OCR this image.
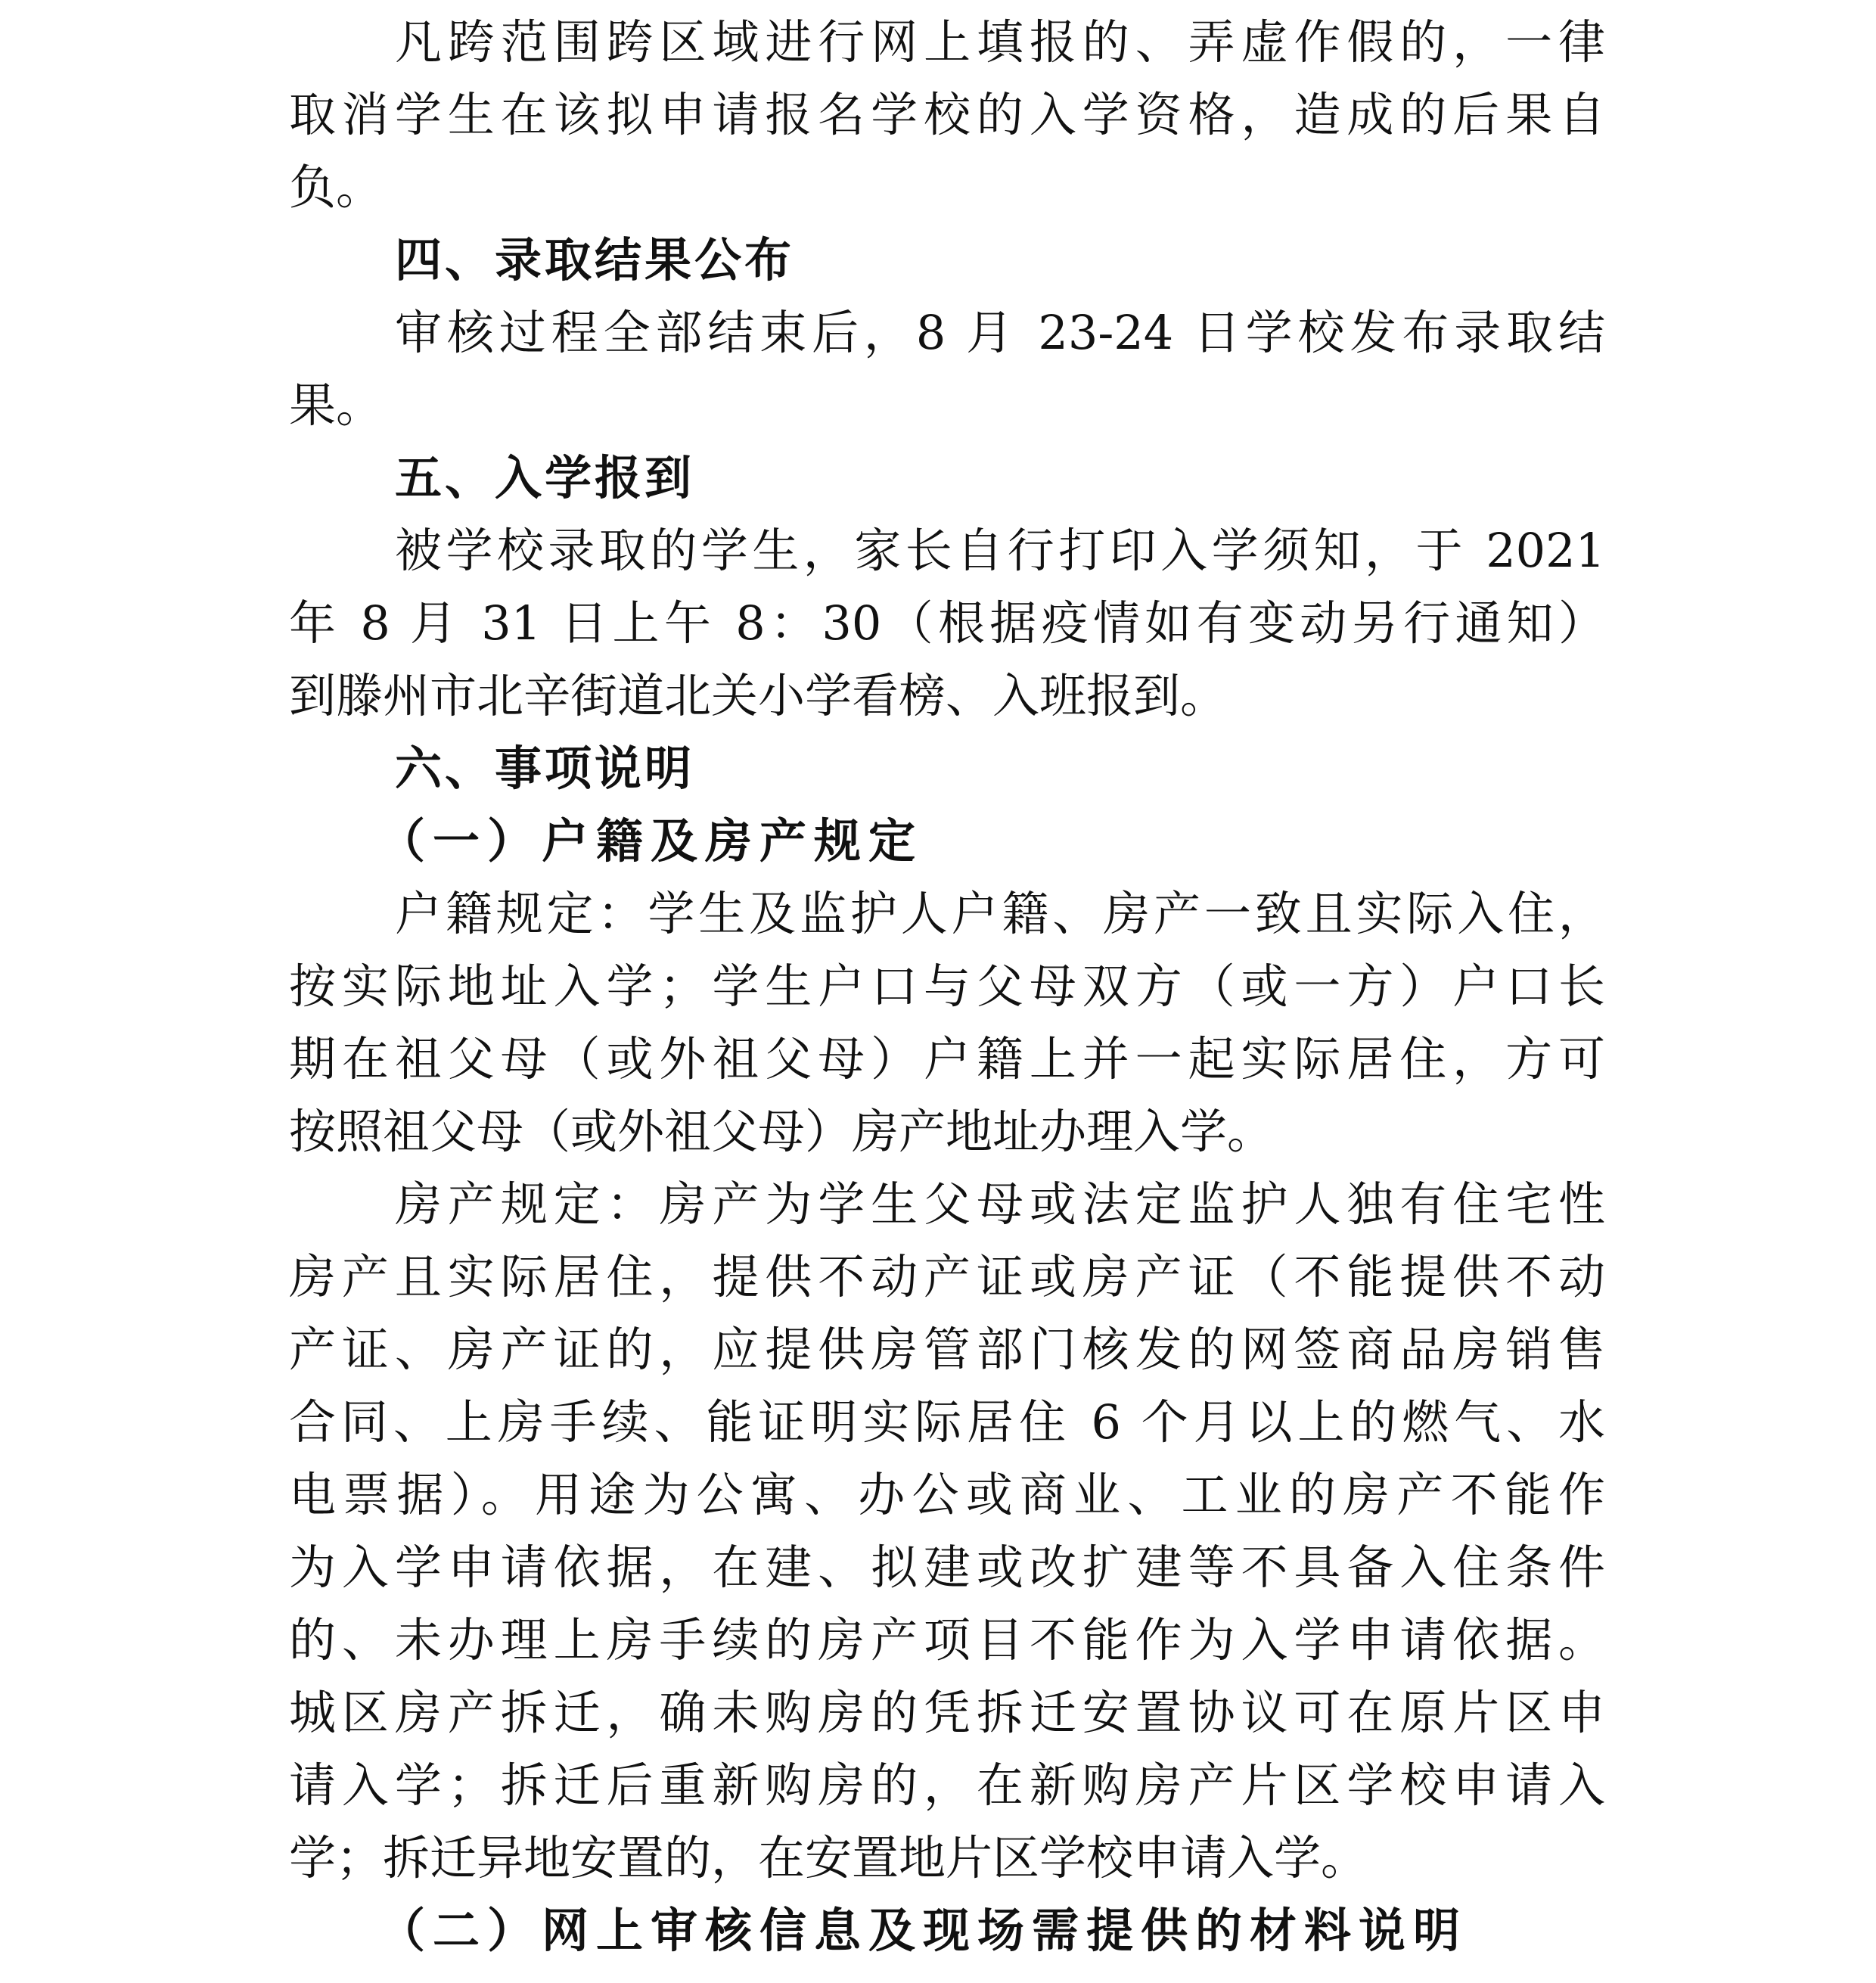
凡跨范围跨区域进行网上填报的、弄虚作假的，一律
取消学生在该拟申请报名学校的入学资格，造成的后果自
负。
四、录取结果公布
审核过程全部结束后，8 月 23-24 日学校发布录取结
果。
五、入学报到
被学校录取的学生，家长自行打印入学须知，于 2021
年 8 月 31 日上午 8：30（根据疫情如有变动另行通知）
到滕州市北辛街道北关小学看榜、入班报到。
六、事项说明
（一）户籍及房产规定
户籍规定：学生及监护人户籍、房产一致且实际入住，
按实际地址入学；学生户口与父母双方（或一方）户口长
期在祖父母（或外祖父母）户籍上并一起实际居住，方可
按照祖父母（或外祖父母）房产地址办理入学。
房产规定：房产为学生父母或法定监护人独有住宅性
房产且实际居住，提供不动产证或房产证（不能提供不动
产证、房产证的，应提供房管部门核发的网签商品房销售
合同、上房手续、能证明实际居住 6 个月以上的燃气、水
电票据）。用途为公寓、办公或商业、工业的房产不能作
为入学申请依据，在建、拟建或改扩建等不具备入住条件
的、未办理上房手续的房产项目不能作为入学申请依据。
城区房产拆迁，确未购房的凭拆迁安置协议可在原片区申
请入学；拆迁后重新购房的，在新购房产片区学校申请入
学；拆迁异地安置的，在安置地片区学校申请入学。
（二）网上审核信息及现场需提供的材料说明
